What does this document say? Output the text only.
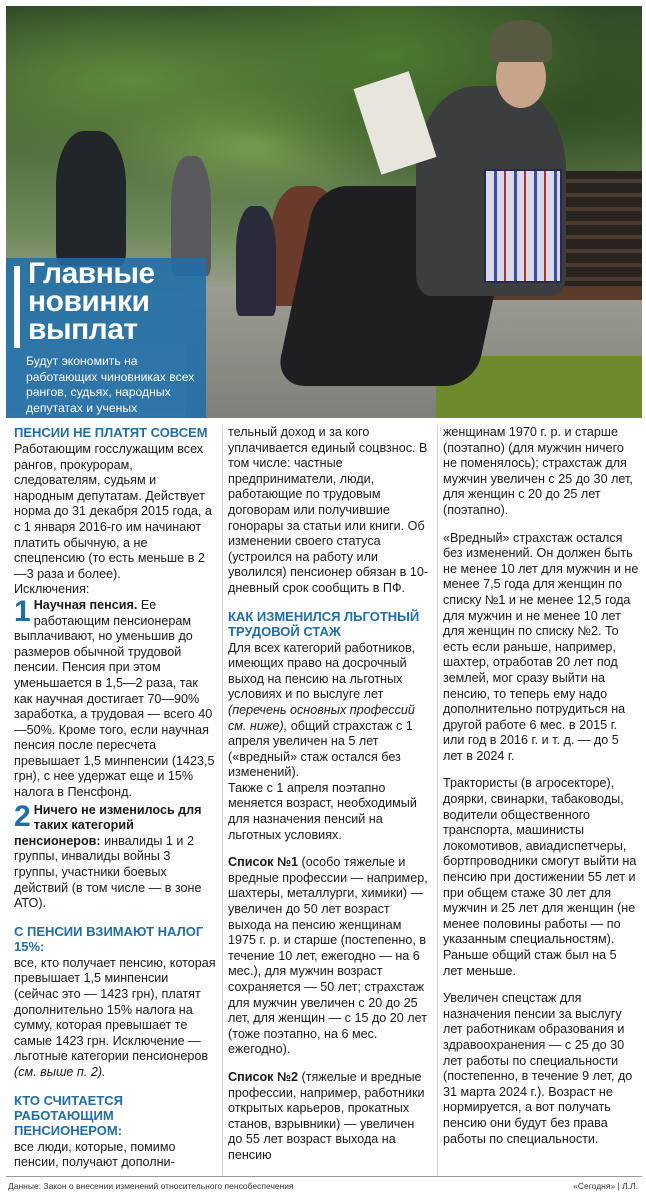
Главные
новинки
выплат

Будут экономить на работающих чиновниках всех рангов, судьях, народных депутатах и ученых

ПЕНСИИ НЕ ПЛАТЯТ СОВСЕМ

Работающим госслужащим всех рангов, прокурорам, следователям, судьям и народным депутатам. Действует норма до 31 декабря 2015 года, а с 1 января 2016-го им начинают платить обычную, а не спецпенсию (то есть меньше в 2—3 раза и более).

Исключения:

1 Научная пенсия. Ее работающим пенсионерам выплачивают, но уменьшив до размеров обычной трудовой пенсии. Пенсия при этом уменьшается в 1,5—2 раза, так как научная достигает 70—90% заработка, а трудовая — всего 40—50%. Кроме того, если научная пенсия после пересчета превышает 1,5 минпенсии (1423,5 грн), с нее удержат еще и 15% налога в Пенсфонд.

2 Ничего не изменилось для таких категорий пенсионеров: инвалиды 1 и 2 группы, инвалиды войны 3 группы, участники боевых действий (в том числе — в зоне АТО).

С ПЕНСИИ ВЗИМАЮТ НАЛОГ 15%:

все, кто получает пенсию, которая превышает 1,5 минпенсии (сейчас это — 1423 грн), платят дополнительно 15% налога на сумму, которая превышает те самые 1423 грн. Исключение — льготные категории пенсионеров (см. выше п. 2).

КТО СЧИТАЕТСЯ РАБОТАЮЩИМ ПЕНСИОНЕРОМ:

все люди, которые, помимо пенсии, получают дополни-

тельный доход и за кого уплачивается единый соцвзнос. В том числе: частные предприниматели, люди, работающие по трудовым договорам или получившие гонорары за статьи или книги. Об изменении своего статуса (устроился на работу или уволился) пенсионер обязан в 10-дневный срок сообщить в ПФ.

КАК ИЗМЕНИЛСЯ ЛЬГОТНЫЙ ТРУДОВОЙ СТАЖ

Для всех категорий работников, имеющих право на досрочный выход на пенсию на льготных условиях и по выслуге лет (перечень основных профессий см. ниже), общий страхстаж с 1 апреля увеличен на 5 лет («вредный» стаж остался без изменений).

Также с 1 апреля поэтапно меняется возраст, необходимый для назначения пенсий на льготных условиях.

Список №1 (особо тяжелые и вредные профессии — например, шахтеры, металлурги, химики) — увеличен до 50 лет возраст выхода на пенсию женщинам 1975 г. р. и старше (постепенно, в течение 10 лет, ежегодно — на 6 мес.), для мужчин возраст сохраняется — 50 лет; страхстаж для мужчин увеличен с 20 до 25 лет, для женщин — с 15 до 20 лет (тоже поэтапно, на 6 мес. ежегодно).

Список №2 (тяжелые и вредные профессии, например, работники открытых карьеров, прокатных станов, взрывники) — увеличен до 55 лет возраст выхода на пенсию

женщинам 1970 г. р. и старше (поэтапно) (для мужчин ничего не поменялось); страхстаж для мужчин увеличен с 25 до 30 лет, для женщин с 20 до 25 лет (поэтапно).

«Вредный» страхстаж остался без изменений. Он должен быть не менее 10 лет для мужчин и не менее 7,5 года для женщин по списку №1 и не менее 12,5 года для мужчин и не менее 10 лет для женщин по списку №2. То есть если раньше, например, шахтер, отработав 20 лет под землей, мог сразу выйти на пенсию, то теперь ему надо дополнительно потрудиться на другой работе 6 мес. в 2015 г. или год в 2016 г. и т. д. — до 5 лет в 2024 г.

Трактористы (в агросекторе), доярки, свинарки, табаководы, водители общественного транспорта, машинисты локомотивов, авиадиспетчеры, бортпроводники смогут выйти на пенсию при достижении 55 лет и при общем стаже 30 лет для мужчин и 25 лет для женщин (не менее половины работы — по указанным специальностям). Раньше общий стаж был на 5 лет меньше.

Увеличен спецстаж для назначения пенсии за выслугу лет работникам образования и здравоохранения — с 25 до 30 лет работы по специальности (постепенно, в течение 9 лет, до 31 марта 2024 г.). Возраст не нормируется, а вот получать пенсию они будут без права работы по специальности.

Данные: Закон о внесении изменений относительного пенсобеспечения	«Сегодня» | Л.Л.
